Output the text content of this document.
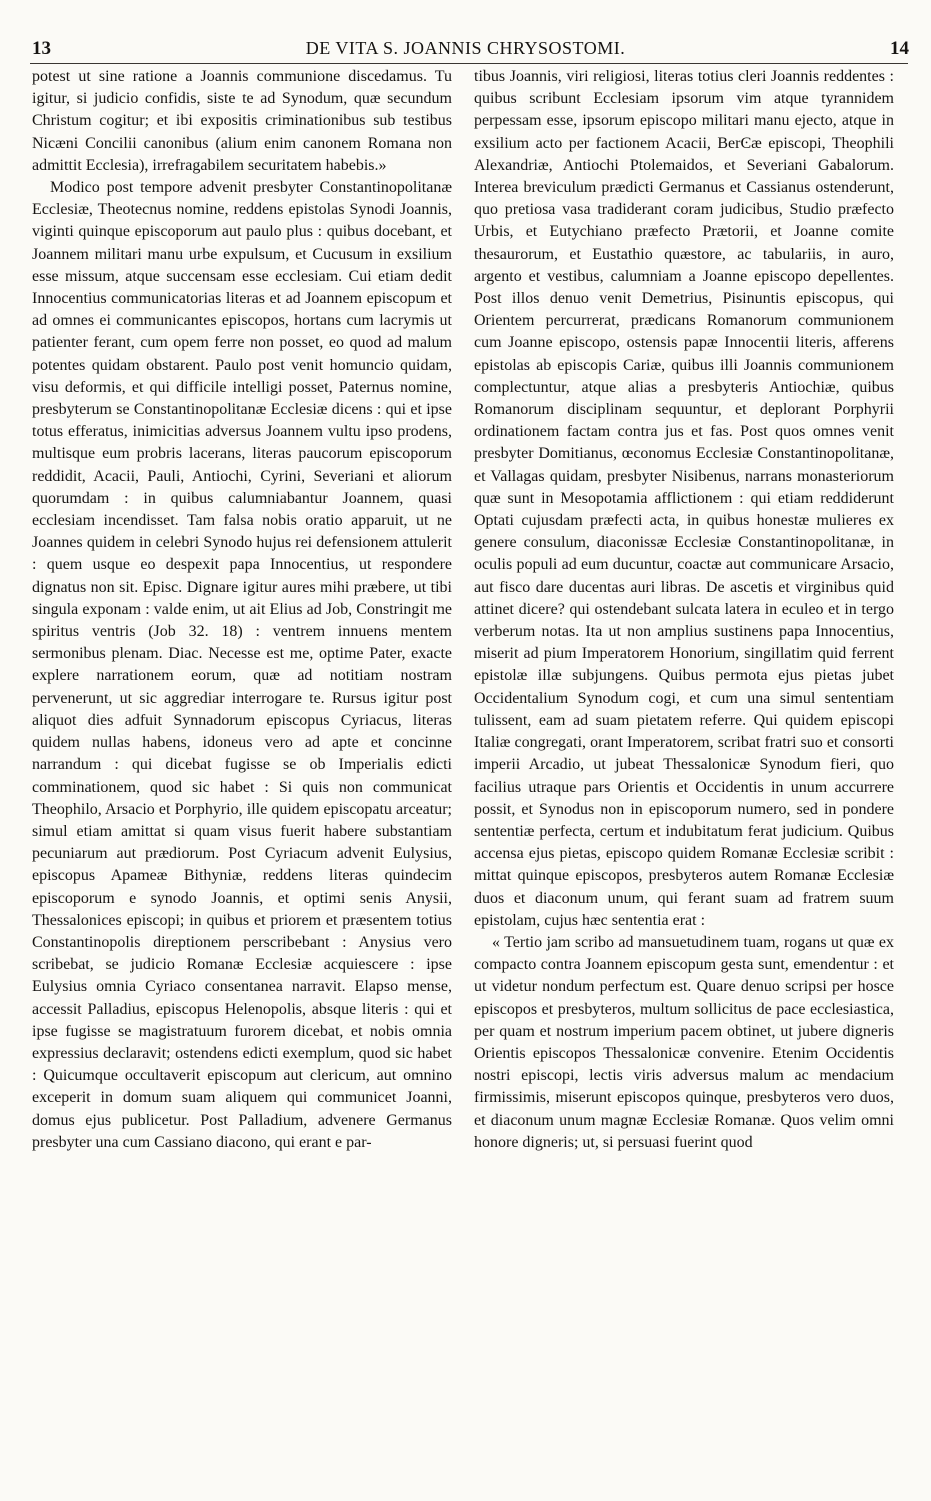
13	DE VITA S. JOANNIS CHRYSOSTOMI.	14

potest ut sine ratione a Joannis communione discedamus. Tu igitur, si judicio confidis, siste te ad Synodum, quæ secundum Christum cogitur; et ibi expositis criminationibus sub testibus Nicæni Concilii canonibus (alium enim canonem Romana non admittit Ecclesia), irrefragabilem securitatem habebis.»

Modico post tempore advenit presbyter Constantinopolitanæ Ecclesiæ, Theotecnus nomine, reddens epistolas Synodi Joannis, viginti quinque episcoporum aut paulo plus : quibus docebant, et Joannem militari manu urbe expulsum, et Cucusum in exsilium esse missum, atque succensam esse ecclesiam. Cui etiam dedit Innocentius communicatorias literas et ad Joannem episcopum et ad omnes ei communicantes episcopos, hortans cum lacrymis ut patienter ferant, cum opem ferre non posset, eo quod ad malum potentes quidam obstarent. Paulo post venit homuncio quidam, visu deformis, et qui difficile intelligi posset, Paternus nomine, presbyterum se Constantinopolitanæ Ecclesiæ dicens : qui et ipse totus efferatus, inimicitias adversus Joannem vultu ipso prodens, multisque eum probris lacerans, literas paucorum episcoporum reddidit, Acacii, Pauli, Antiochi, Cyrini, Severiani et aliorum quorumdam : in quibus calumniabantur Joannem, quasi ecclesiam incendisset. Tam falsa nobis oratio apparuit, ut ne Joannes quidem in celebri Synodo hujus rei defensionem attulerit : quem usque eo despexit papa Innocentius, ut respondere dignatus non sit. Episc. Dignare igitur aures mihi præbere, ut tibi singula exponam : valde enim, ut ait Elius ad Job, Constringit me spiritus ventris (Job 32. 18) : ventrem innuens mentem sermonibus plenam. Diac. Necesse est me, optime Pater, exacte explere narrationem eorum, quæ ad notitiam nostram pervenerunt, ut sic aggrediar interrogare te. Rursus igitur post aliquot dies adfuit Synnadorum episcopus Cyriacus, literas quidem nullas habens, idoneus vero ad apte et concinne narrandum : qui dicebat fugisse se ob Imperialis edicti comminationem, quod sic habet : Si quis non communicat Theophilo, Arsacio et Porphyrio, ille quidem episcopatu arceatur; simul etiam amittat si quam visus fuerit habere substantiam pecuniarum aut prædiorum. Post Cyriacum advenit Eulysius, episcopus Apameæ Bithyniæ, reddens literas quindecim episcoporum e synodo Joannis, et optimi senis Anysii, Thessalonices episcopi; in quibus et priorem et præsentem totius Constantinopolis direptionem perscribebant : Anysius vero scribebat, se judicio Romanæ Ecclesiæ acquiescere : ipse Eulysius omnia Cyriaco consentanea narravit. Elapso mense, accessit Palladius, episcopus Helenopolis, absque literis : qui et ipse fugisse se magistratuum furorem dicebat, et nobis omnia expressius declaravit; ostendens edicti exemplum, quod sic habet : Quicumque occultaverit episcopum aut clericum, aut omnino exceperit in domum suam aliquem qui communicet Joanni, domus ejus publicetur. Post Palladium, advenere Germanus presbyter una cum Cassiano diacono, qui erant e par-

tibus Joannis, viri religiosi, literas totius cleri Joannis reddentes : quibus scribunt Ecclesiam ipsorum vim atque tyrannidem perpessam esse, ipsorum episcopo militari manu ejecto, atque in exsilium acto per factionem Acacii, BerϾæ episcopi, Theophili Alexandriæ, Antiochi Ptolemaidos, et Severiani Gabalorum. Interea breviculum prædicti Germanus et Cassianus ostenderunt, quo pretiosa vasa tradiderant coram judicibus, Studio præfecto Urbis, et Eutychiano præfecto Prætorii, et Joanne comite thesaurorum, et Eustathio quæstore, ac tabulariis, in auro, argento et vestibus, calumniam a Joanne episcopo depellentes. Post illos denuo venit Demetrius, Pisinuntis episcopus, qui Orientem percurrerat, prædicans Romanorum communionem cum Joanne episcopo, ostensis papæ Innocentii literis, afferens epistolas ab episcopis Cariæ, quibus illi Joannis communionem complectuntur, atque alias a presbyteris Antiochiæ, quibus Romanorum disciplinam sequuntur, et deplorant Porphyrii ordinationem factam contra jus et fas. Post quos omnes venit presbyter Domitianus, œconomus Ecclesiæ Constantinopolitanæ, et Vallagas quidam, presbyter Nisibenus, narrans monasteriorum quæ sunt in Mesopotamia afflictionem : qui etiam reddiderunt Optati cujusdam præfecti acta, in quibus honestæ mulieres ex genere consulum, diaconissæ Ecclesiæ Constantinopolitanæ, in oculis populi ad eum ducuntur, coactæ aut communicare Arsacio, aut fisco dare ducentas auri libras. De ascetis et virginibus quid attinet dicere? qui ostendebant sulcata latera in eculeo et in tergo verberum notas. Ita ut non amplius sustinens papa Innocentius, miserit ad pium Imperatorem Honorium, singillatim quid ferrent epistolæ illæ subjungens. Quibus permota ejus pietas jubet Occidentalium Synodum cogi, et cum una simul sententiam tulissent, eam ad suam pietatem referre. Qui quidem episcopi Italiæ congregati, orant Imperatorem, scribat fratri suo et consorti imperii Arcadio, ut jubeat Thessalonicæ Synodum fieri, quo facilius utraque pars Orientis et Occidentis in unum accurrere possit, et Synodus non in episcoporum numero, sed in pondere sententiæ perfecta, certum et indubitatum ferat judicium. Quibus accensa ejus pietas, episcopo quidem Romanæ Ecclesiæ scribit : mittat quinque episcopos, presbyteros autem Romanæ Ecclesiæ duos et diaconum unum, qui ferant suam ad fratrem suum epistolam, cujus hæc sententia erat :

« Tertio jam scribo ad mansuetudinem tuam, rogans ut quæ ex compacto contra Joannem episcopum gesta sunt, emendentur : et ut videtur nondum perfectum est. Quare denuo scripsi per hosce episcopos et presbyteros, multum sollicitus de pace ecclesiastica, per quam et nostrum imperium pacem obtinet, ut jubere digneris Orientis episcopos Thessalonicæ convenire. Etenim Occidentis nostri episcopi, lectis viris adversus malum ac mendacium firmissimis, miserunt episcopos quinque, presbyteros vero duos, et diaconum unum magnæ Ecclesiæ Romanæ. Quos velim omni honore digneris; ut, si persuasi fuerint quod
